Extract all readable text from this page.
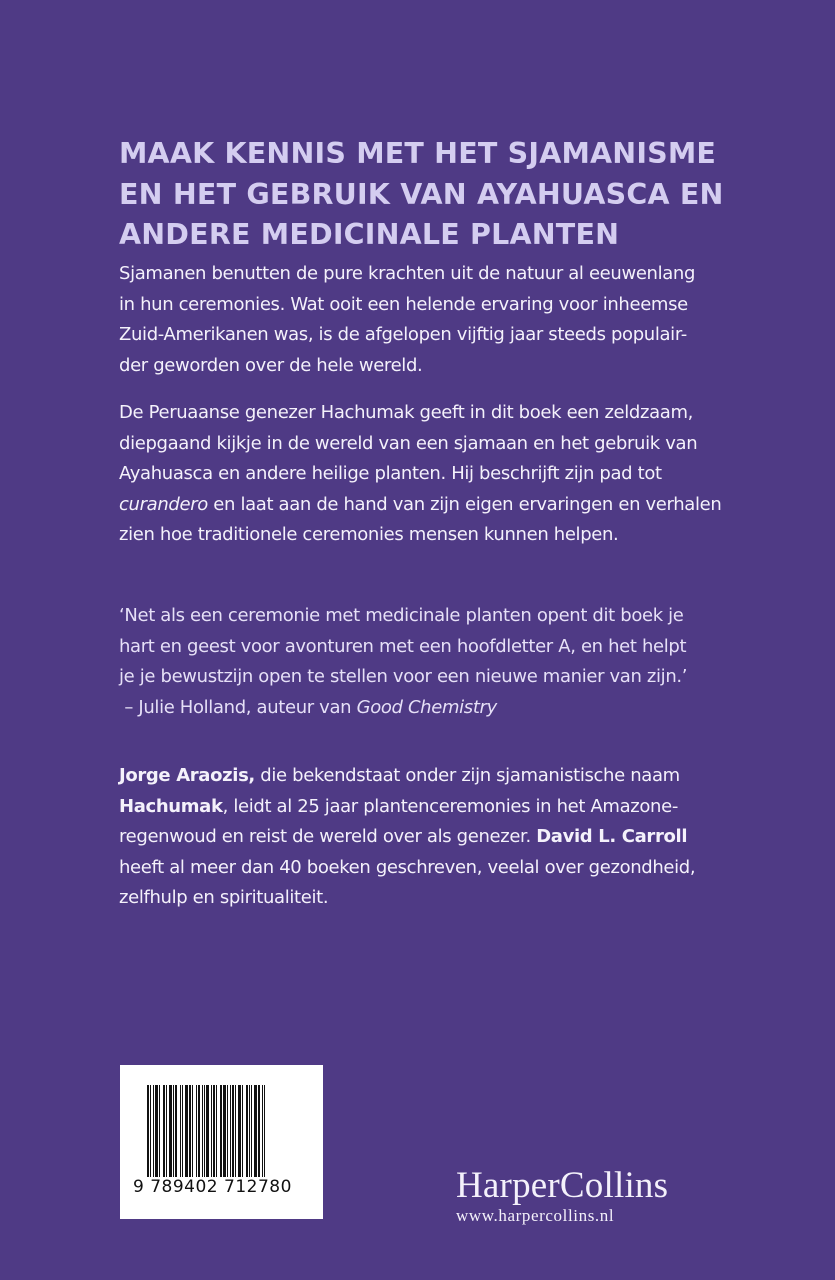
MAAK KENNIS MET HET SJAMANISME
EN HET GEBRUIK VAN AYAHUASCA EN
ANDERE MEDICINALE PLANTEN
Sjamanen benutten de pure krachten uit de natuur al eeuwenlang
in hun ceremonies. Wat ooit een helende ervaring voor inheemse
Zuid-Amerikanen was, is de afgelopen vijftig jaar steeds populair-
der geworden over de hele wereld.
De Peruaanse genezer Hachumak geeft in dit boek een zeldzaam,
diepgaand kijkje in de wereld van een sjamaan en het gebruik van
Ayahuasca en andere heilige planten. Hij beschrijft zijn pad tot
curandero en laat aan de hand van zijn eigen ervaringen en verhalen
zien hoe traditionele ceremonies mensen kunnen helpen.
‘Net als een ceremonie met medicinale planten opent dit boek je
hart en geest voor avonturen met een hoofdletter A, en het helpt
je je bewustzijn open te stellen voor een nieuwe manier van zijn.’
– Julie Holland, auteur van Good Chemistry
Jorge Araozis, die bekendstaat onder zijn sjamanistische naam
Hachumak, leidt al 25 jaar plantenceremonies in het Amazone-
regenwoud en reist de wereld over als genezer. David L. Carroll
heeft al meer dan 40 boeken geschreven, veelal over gezondheid,
zelfhulp en spiritualiteit.
9 789402 712780	HarperCollins
www.harpercollins.nl
